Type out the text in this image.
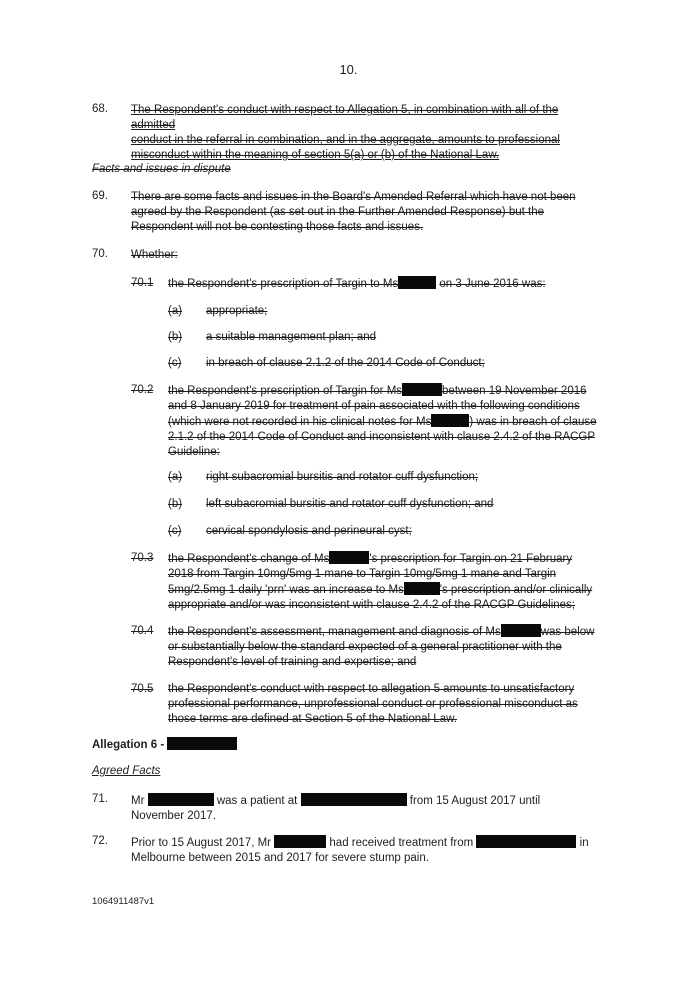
10.
68. The Respondent's conduct with respect to Allegation 5, in combination with all of the admitted
conduct in the referral in combination, and in the aggregate, amounts to professional
misconduct within the meaning of section 5(a) or (b) of the National Law.
Facts and issues in dispute
69. There are some facts and issues in the Board's Amended Referral which have not been
agreed by the Respondent (as set out in the Further Amended Response) but the
Respondent will not be contesting those facts and issues.
70. Whether:
70.1 the Respondent's prescription of Targin to Ms	on 3 June 2016 was:
(a) appropriate;
(b) a suitable management plan; and
(c) in breach of clause 2.1.2 of the 2014 Code of Conduct;
70.2 the Respondent's prescription of Targin for Ms	between 19 November 2016
and 8 January 2019 for treatment of pain associated with the following conditions
(which were not recorded in his clinical notes for Ms	) was in breach of clause
2.1.2 of the 2014 Code of Conduct and inconsistent with clause 2.4.2 of the RACGP
Guideline:
(a) right subacromial bursitis and rotator cuff dysfunction;
(b) left subacromial bursitis and rotator cuff dysfunction; and
(c) cervical spondylosis and perineural cyst;
70.3 the Respondent's change of Ms	's prescription for Targin on 21 February
2018 from Targin 10mg/5mg 1 mane to Targin 10mg/5mg 1 mane and Targin
5mg/2.5mg 1 daily 'prn' was an increase to Ms	's prescription and/or clinically
appropriate and/or was inconsistent with clause 2.4.2 of the RACGP Guidelines;
70.4 the Respondent's assessment, management and diagnosis of Ms	was below
or substantially below the standard expected of a general practitioner with the
Respondent's level of training and expertise; and
70.5 the Respondent's conduct with respect to allegation 5 amounts to unsatisfactory
professional performance, unprofessional conduct or professional misconduct as
those terms are defined at Section 5 of the National Law.
Allegation 6 -
Agreed Facts
71. Mr	was a patient at	from 15 August 2017 until
November 2017.
72. Prior to 15 August 2017, Mr	had received treatment from	in
Melbourne between 2015 and 2017 for severe stump pain.
1064911487v1
